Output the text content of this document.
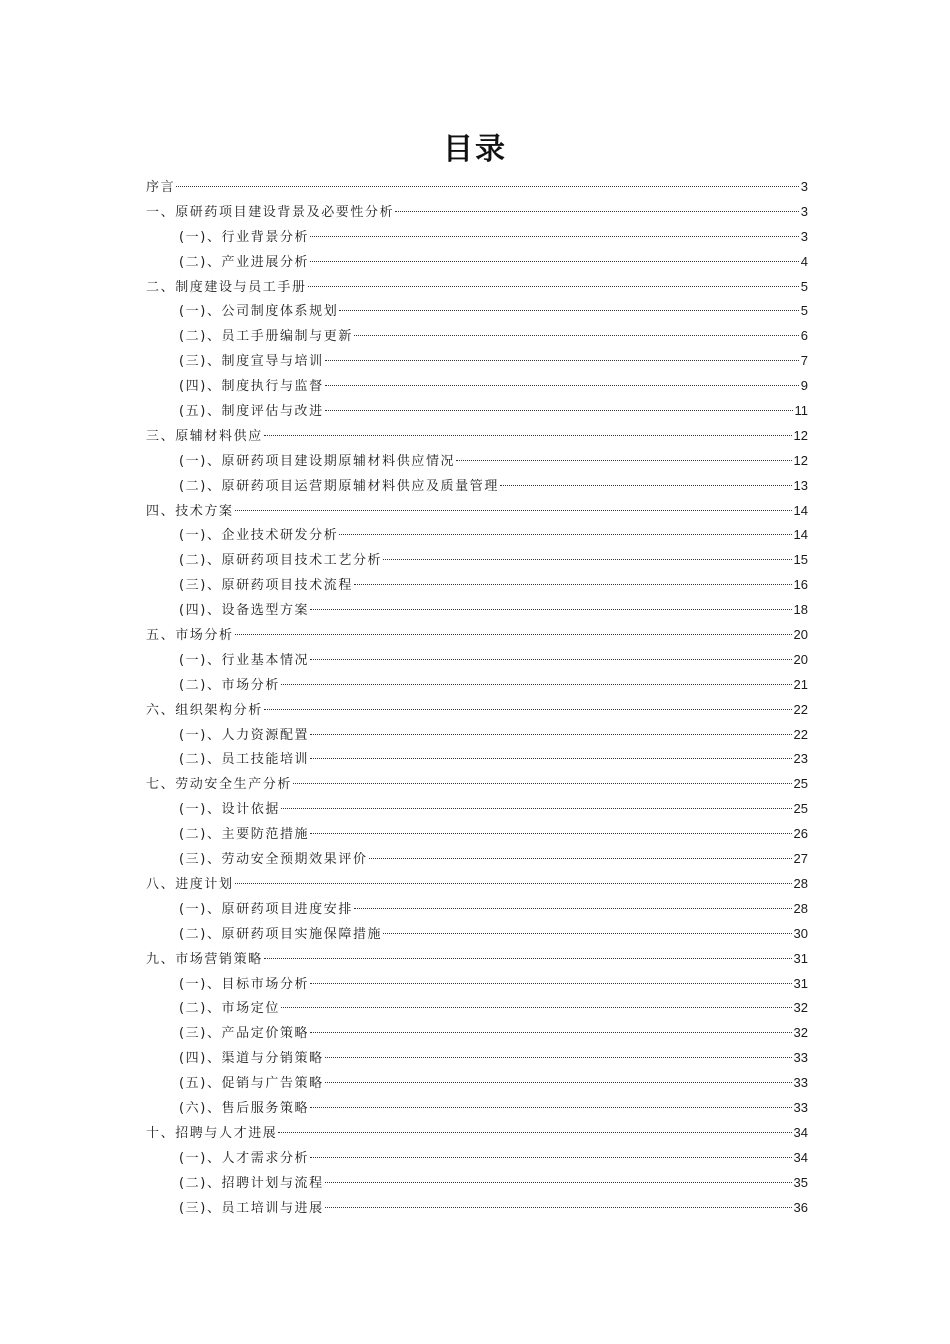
目录
序言	3
一、原研药项目建设背景及必要性分析	3
(一)、行业背景分析	3
(二)、产业进展分析	4
二、制度建设与员工手册	5
(一)、公司制度体系规划	5
(二)、员工手册编制与更新	6
(三)、制度宣导与培训	7
(四)、制度执行与监督	9
(五)、制度评估与改进	11
三、原辅材料供应	12
(一)、原研药项目建设期原辅材料供应情况	12
(二)、原研药项目运营期原辅材料供应及质量管理	13
四、技术方案	14
(一)、企业技术研发分析	14
(二)、原研药项目技术工艺分析	15
(三)、原研药项目技术流程	16
(四)、设备选型方案	18
五、市场分析	20
(一)、行业基本情况	20
(二)、市场分析	21
六、组织架构分析	22
(一)、人力资源配置	22
(二)、员工技能培训	23
七、劳动安全生产分析	25
(一)、设计依据	25
(二)、主要防范措施	26
(三)、劳动安全预期效果评价	27
八、进度计划	28
(一)、原研药项目进度安排	28
(二)、原研药项目实施保障措施	30
九、市场营销策略	31
(一)、目标市场分析	31
(二)、市场定位	32
(三)、产品定价策略	32
(四)、渠道与分销策略	33
(五)、促销与广告策略	33
(六)、售后服务策略	33
十、招聘与人才进展	34
(一)、人才需求分析	34
(二)、招聘计划与流程	35
(三)、员工培训与进展	36
